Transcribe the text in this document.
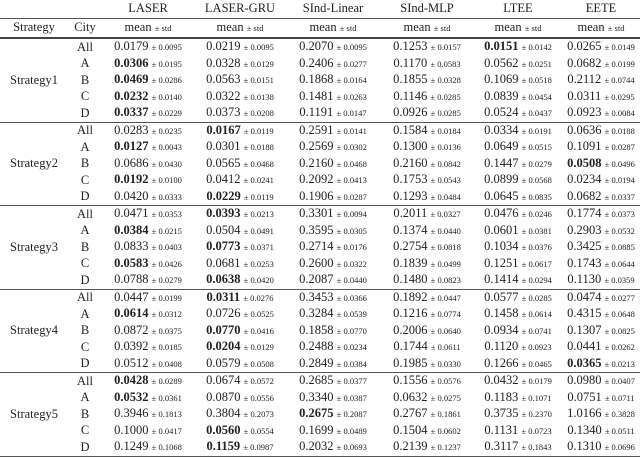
		LASER	LASER-GRU	SInd-Linear	SInd-MLP	LTEE	EETE
Strategy	City	mean ± std	mean ± std	mean ± std	mean ± std	mean ± std	mean ± std
Strategy1	All	0.0179 ± 0.0095	0.0219 ± 0.0095	0.2070 ± 0.0095	0.1253 ± 0.0157	0.0151 ± 0.0142	0.0265 ± 0.0149
	A	0.0306 ± 0.0195	0.0328 ± 0.0129	0.2406 ± 0.0277	0.1170 ± 0.0583	0.0562 ± 0.0251	0.0682 ± 0.0199
	B	0.0469 ± 0.0286	0.0563 ± 0.0151	0.1868 ± 0.0164	0.1855 ± 0.0328	0.1069 ± 0.0518	0.2112 ± 0.0744
	C	0.0232 ± 0.0140	0.0322 ± 0.0138	0.1481 ± 0.0263	0.1146 ± 0.0285	0.0839 ± 0.0454	0.0311 ± 0.0295
	D	0.0337 ± 0.0229	0.0373 ± 0.0208	0.1191 ± 0.0147	0.0926 ± 0.0285	0.0524 ± 0.0437	0.0923 ± 0.0084
Strategy2	All	0.0283 ± 0.0235	0.0167 ± 0.0119	0.2591 ± 0.0141	0.1584 ± 0.0184	0.0334 ± 0.0191	0.0636 ± 0.0188
	A	0.0127 ± 0.0043	0.0301 ± 0.0188	0.2569 ± 0.0302	0.1300 ± 0.0136	0.0649 ± 0.0515	0.1091 ± 0.0287
	B	0.0686 ± 0.0430	0.0565 ± 0.0468	0.2160 ± 0.0468	0.2160 ± 0.0842	0.1447 ± 0.0279	0.0508 ± 0.0496
	C	0.0192 ± 0.0100	0.0412 ± 0.0241	0.2092 ± 0.0413	0.1753 ± 0.0543	0.0899 ± 0.0568	0.0234 ± 0.0194
	D	0.0420 ± 0.0333	0.0229 ± 0.0119	0.1906 ± 0.0287	0.1293 ± 0.0484	0.0645 ± 0.0835	0.0682 ± 0.0337
Strategy3	All	0.0471 ± 0.0353	0.0393 ± 0.0213	0.3301 ± 0.0094	0.2011 ± 0.0327	0.0476 ± 0.0246	0.1774 ± 0.0373
	A	0.0384 ± 0.0215	0.0504 ± 0.0491	0.3595 ± 0.0305	0.1374 ± 0.0440	0.0601 ± 0.0381	0.2903 ± 0.0532
	B	0.0833 ± 0.0403	0.0773 ± 0.0371	0.2714 ± 0.0176	0.2754 ± 0.0818	0.1034 ± 0.0376	0.3425 ± 0.0885
	C	0.0583 ± 0.0426	0.0681 ± 0.0253	0.2600 ± 0.0322	0.1839 ± 0.0499	0.1251 ± 0.0617	0.1743 ± 0.0644
	D	0.0788 ± 0.0279	0.0638 ± 0.0420	0.2087 ± 0.0440	0.1480 ± 0.0823	0.1414 ± 0.0294	0.1130 ± 0.0359
Strategy4	All	0.0447 ± 0.0199	0.0311 ± 0.0276	0.3453 ± 0.0366	0.1892 ± 0.0447	0.0577 ± 0.0285	0.0474 ± 0.0277
	A	0.0614 ± 0.0312	0.0726 ± 0.0525	0.3284 ± 0.0539	0.1216 ± 0.0774	0.1458 ± 0.0614	0.4315 ± 0.0648
	B	0.0872 ± 0.0375	0.0770 ± 0.0416	0.1858 ± 0.0770	0.2006 ± 0.0640	0.0934 ± 0.0741	0.1307 ± 0.0825
	C	0.0392 ± 0.0185	0.0204 ± 0.0129	0.2488 ± 0.0234	0.1744 ± 0.0611	0.1120 ± 0.0923	0.0441 ± 0.0262
	D	0.0512 ± 0.0408	0.0579 ± 0.0508	0.2849 ± 0.0384	0.1985 ± 0.0330	0.1266 ± 0.0465	0.0365 ± 0.0213
Strategy5	All	0.0428 ± 0.0289	0.0674 ± 0.0572	0.2685 ± 0.0377	0.1556 ± 0.0576	0.0432 ± 0.0179	0.0980 ± 0.0407
	A	0.0532 ± 0.0361	0.0870 ± 0.0556	0.3340 ± 0.0387	0.0632 ± 0.0275	0.1183 ± 0.1071	0.0751 ± 0.0711
	B	0.3946 ± 0.1813	0.3804 ± 0.2073	0.2675 ± 0.2087	0.2767 ± 0.1861	0.3735 ± 0.2370	1.0166 ± 0.3828
	C	0.1000 ± 0.0417	0.0560 ± 0.0554	0.1699 ± 0.0489	0.1504 ± 0.0602	0.1131 ± 0.0723	0.1340 ± 0.0511
	D	0.1249 ± 0.1068	0.1159 ± 0.0987	0.2032 ± 0.0693	0.2139 ± 0.1237	0.3117 ± 0.1843	0.1310 ± 0.0696
